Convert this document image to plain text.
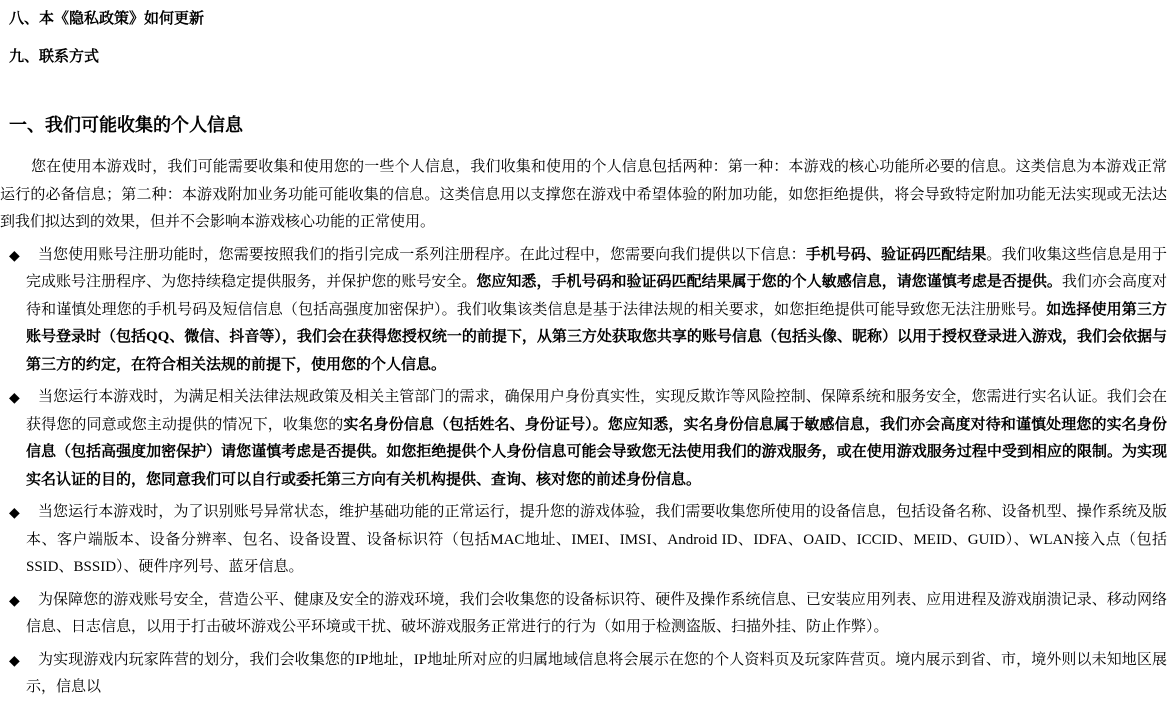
八、本《隐私政策》如何更新
九、联系方式
一、我们可能收集的个人信息

您在使用本游戏时，我们可能需要收集和使用您的一些个人信息，我们收集和使用的个人信息包括两种：第一种：本游戏的核心功能所必要的信息。这类信息为本游戏正常运行的必备信息；第二种：本游戏附加业务功能可能收集的信息。这类信息用以支撑您在游戏中希望体验的附加功能，如您拒绝提供，将会导致特定附加功能无法实现或无法达到我们拟达到的效果，但并不会影响本游戏核心功能的正常使用。

◆ 当您使用账号注册功能时，您需要按照我们的指引完成一系列注册程序。在此过程中，您需要向我们提供以下信息：手机号码、验证码匹配结果。我们收集这些信息是用于完成账号注册程序、为您持续稳定提供服务，并保护您的账号安全。您应知悉，手机号码和验证码匹配结果属于您的个人敏感信息，请您谨慎考虑是否提供。我们亦会高度对待和谨慎处理您的手机号码及短信信息（包括高强度加密保护）。我们收集该类信息是基于法律法规的相关要求，如您拒绝提供可能导致您无法注册账号。如选择使用第三方账号登录时（包括QQ、微信、抖音等），我们会在获得您授权统一的前提下，从第三方处获取您共享的账号信息（包括头像、昵称）以用于授权登录进入游戏，我们会依据与第三方的约定，在符合相关法规的前提下，使用您的个人信息。

◆ 当您运行本游戏时，为满足相关法律法规政策及相关主管部门的需求，确保用户身份真实性，实现反欺诈等风险控制、保障系统和服务安全，您需进行实名认证。我们会在获得您的同意或您主动提供的情况下，收集您的实名身份信息（包括姓名、身份证号）。您应知悉，实名身份信息属于敏感信息，我们亦会高度对待和谨慎处理您的实名身份信息（包括高强度加密保护）请您谨慎考虑是否提供。如您拒绝提供个人身份信息可能会导致您无法使用我们的游戏服务，或在使用游戏服务过程中受到相应的限制。为实现实名认证的目的，您同意我们可以自行或委托第三方向有关机构提供、查询、核对您的前述身份信息。

◆ 当您运行本游戏时，为了识别账号异常状态，维护基础功能的正常运行，提升您的游戏体验，我们需要收集您所使用的设备信息，包括设备名称、设备机型、操作系统及版本、客户端版本、设备分辨率、包名、设备设置、设备标识符（包括MAC地址、IMEI、IMSI、Android ID、IDFA、OAID、ICCID、MEID、GUID）、WLAN接入点（包括SSID、BSSID）、硬件序列号、蓝牙信息。

◆ 为保障您的游戏账号安全，营造公平、健康及安全的游戏环境，我们会收集您的设备标识符、硬件及操作系统信息、已安装应用列表、应用进程及游戏崩溃记录、移动网络信息、日志信息，以用于打击破坏游戏公平环境或干扰、破坏游戏服务正常进行的行为（如用于检测盗版、扫描外挂、防止作弊）。

◆ 为实现游戏内玩家阵营的划分，我们会收集您的IP地址，IP地址所对应的归属地域信息将会展示在您的个人资料页及玩家阵营页。境内展示到省、市，境外则以未知地区展示，信息以
